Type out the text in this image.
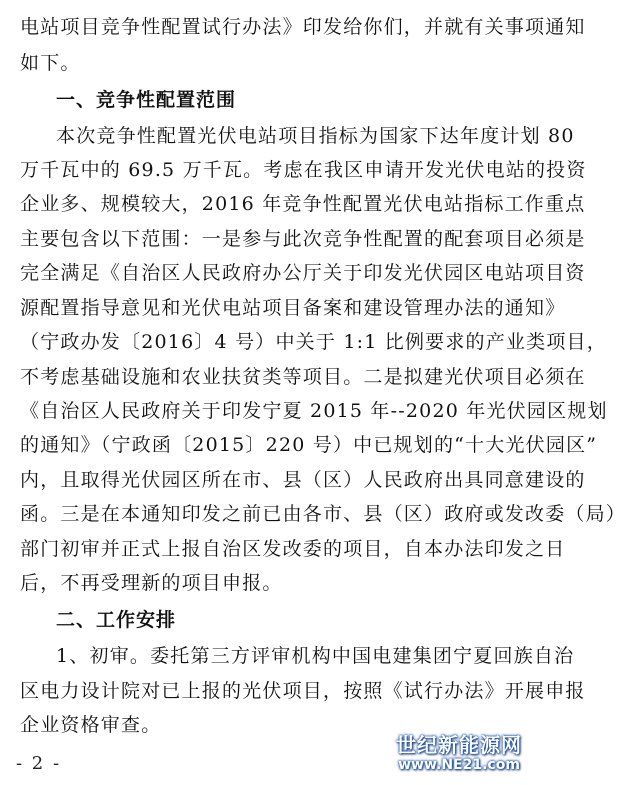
电站项目竞争性配置试行办法》印发给你们，并就有关事项通知
如下。
一、竞争性配置范围
本次竞争性配置光伏电站项目指标为国家下达年度计划 80
万千瓦中的 69.5 万千瓦。考虑在我区申请开发光伏电站的投资
企业多、规模较大，2016 年竞争性配置光伏电站指标工作重点
主要包含以下范围：一是参与此次竞争性配置的配套项目必须是
完全满足《自治区人民政府办公厅关于印发光伏园区电站项目资
源配置指导意见和光伏电站项目备案和建设管理办法的通知》
（宁政办发〔2016〕4 号）中关于 1:1 比例要求的产业类项目，
不考虑基础设施和农业扶贫类等项目。二是拟建光伏项目必须在
《自治区人民政府关于印发宁夏 2015 年--2020 年光伏园区规划
的通知》（宁政函〔2015〕220 号）中已规划的“十大光伏园区”
内，且取得光伏园区所在市、县（区）人民政府出具同意建设的
函。三是在本通知印发之前已由各市、县（区）政府或发改委（局）
部门初审并正式上报自治区发改委的项目，自本办法印发之日
后，不再受理新的项目申报。
二、工作安排
1、初审。委托第三方评审机构中国电建集团宁夏回族自治
区电力设计院对已上报的光伏项目，按照《试行办法》开展申报
企业资格审查。
- 2 -
世纪新能源网
www.NE21.com
